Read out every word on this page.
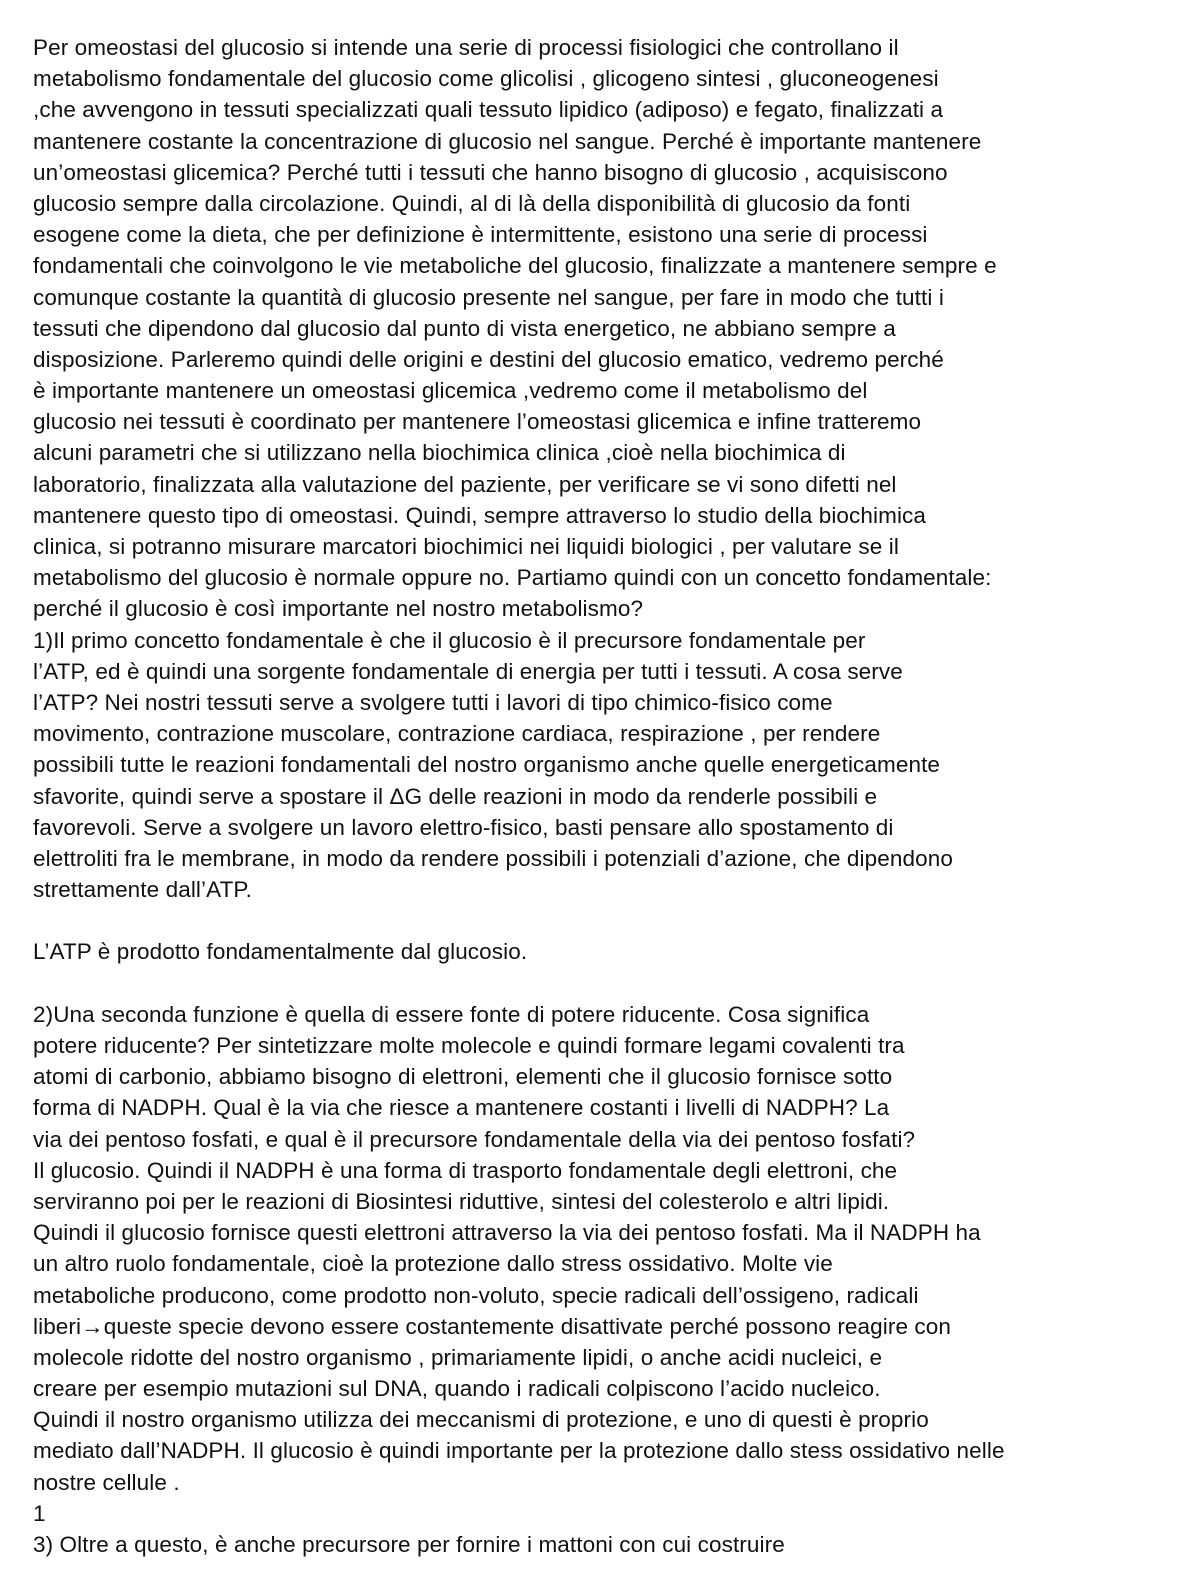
Per omeostasi del glucosio si intende una serie di processi fisiologici che controllano il
metabolismo fondamentale del glucosio come glicolisi , glicogeno sintesi , gluconeogenesi
,che avvengono in tessuti specializzati quali tessuto lipidico (adiposo) e fegato, finalizzati a
mantenere costante la concentrazione di glucosio nel sangue. Perché è importante mantenere
un’omeostasi glicemica? Perché tutti i tessuti che hanno bisogno di glucosio , acquisiscono
glucosio sempre dalla circolazione. Quindi, al di là della disponibilità di glucosio da fonti
esogene come la dieta, che per definizione è intermittente, esistono una serie di processi
fondamentali che coinvolgono le vie metaboliche del glucosio, finalizzate a mantenere sempre e
comunque costante la quantità di glucosio presente nel sangue, per fare in modo che tutti i
tessuti che dipendono dal glucosio dal punto di vista energetico, ne abbiano sempre a
disposizione. Parleremo quindi delle origini e destini del glucosio ematico, vedremo perché
è importante mantenere un omeostasi glicemica ,vedremo come il metabolismo del
glucosio nei tessuti è coordinato per mantenere l’omeostasi glicemica e infine tratteremo
alcuni parametri che si utilizzano nella biochimica clinica ,cioè nella biochimica di
laboratorio, finalizzata alla valutazione del paziente, per verificare se vi sono difetti nel
mantenere questo tipo di omeostasi. Quindi, sempre attraverso lo studio della biochimica
clinica, si potranno misurare marcatori biochimici nei liquidi biologici , per valutare se il
metabolismo del glucosio è normale oppure no. Partiamo quindi con un concetto fondamentale:
perché il glucosio è così importante nel nostro metabolismo?
1)Il primo concetto fondamentale è che il glucosio è il precursore fondamentale per
l’ATP, ed è quindi una sorgente fondamentale di energia per tutti i tessuti. A cosa serve
l’ATP? Nei nostri tessuti serve a svolgere tutti i lavori di tipo chimico-fisico come
movimento, contrazione muscolare, contrazione cardiaca, respirazione , per rendere
possibili tutte le reazioni fondamentali del nostro organismo anche quelle energeticamente
sfavorite, quindi serve a spostare il ΔG delle reazioni in modo da renderle possibili e
favorevoli. Serve a svolgere un lavoro elettro-fisico, basti pensare allo spostamento di
elettroliti fra le membrane, in modo da rendere possibili i potenziali d’azione, che dipendono
strettamente dall’ATP.
L’ATP è prodotto fondamentalmente dal glucosio.
2)Una seconda funzione è quella di essere fonte di potere riducente. Cosa significa
potere riducente? Per sintetizzare molte molecole e quindi formare legami covalenti tra
atomi di carbonio, abbiamo bisogno di elettroni, elementi che il glucosio fornisce sotto
forma di NADPH. Qual è la via che riesce a mantenere costanti i livelli di NADPH? La
via dei pentoso fosfati, e qual è il precursore fondamentale della via dei pentoso fosfati?
Il glucosio. Quindi il NADPH è una forma di trasporto fondamentale degli elettroni, che
serviranno poi per le reazioni di Biosintesi riduttive, sintesi del colesterolo e altri lipidi.
Quindi il glucosio fornisce questi elettroni attraverso la via dei pentoso fosfati. Ma il NADPH ha
un altro ruolo fondamentale, cioè la protezione dallo stress ossidativo. Molte vie
metaboliche producono, come prodotto non-voluto, specie radicali dell’ossigeno, radicali
liberi→queste specie devono essere costantemente disattivate perché possono reagire con
molecole ridotte del nostro organismo , primariamente lipidi, o anche acidi nucleici, e
creare per esempio mutazioni sul DNA, quando i radicali colpiscono l’acido nucleico.
Quindi il nostro organismo utilizza dei meccanismi di protezione, e uno di questi è proprio
mediato dall’NADPH. Il glucosio è quindi importante per la protezione dallo stess ossidativo nelle
nostre cellule .
1
3) Oltre a questo, è anche precursore per fornire i mattoni con cui costruire
